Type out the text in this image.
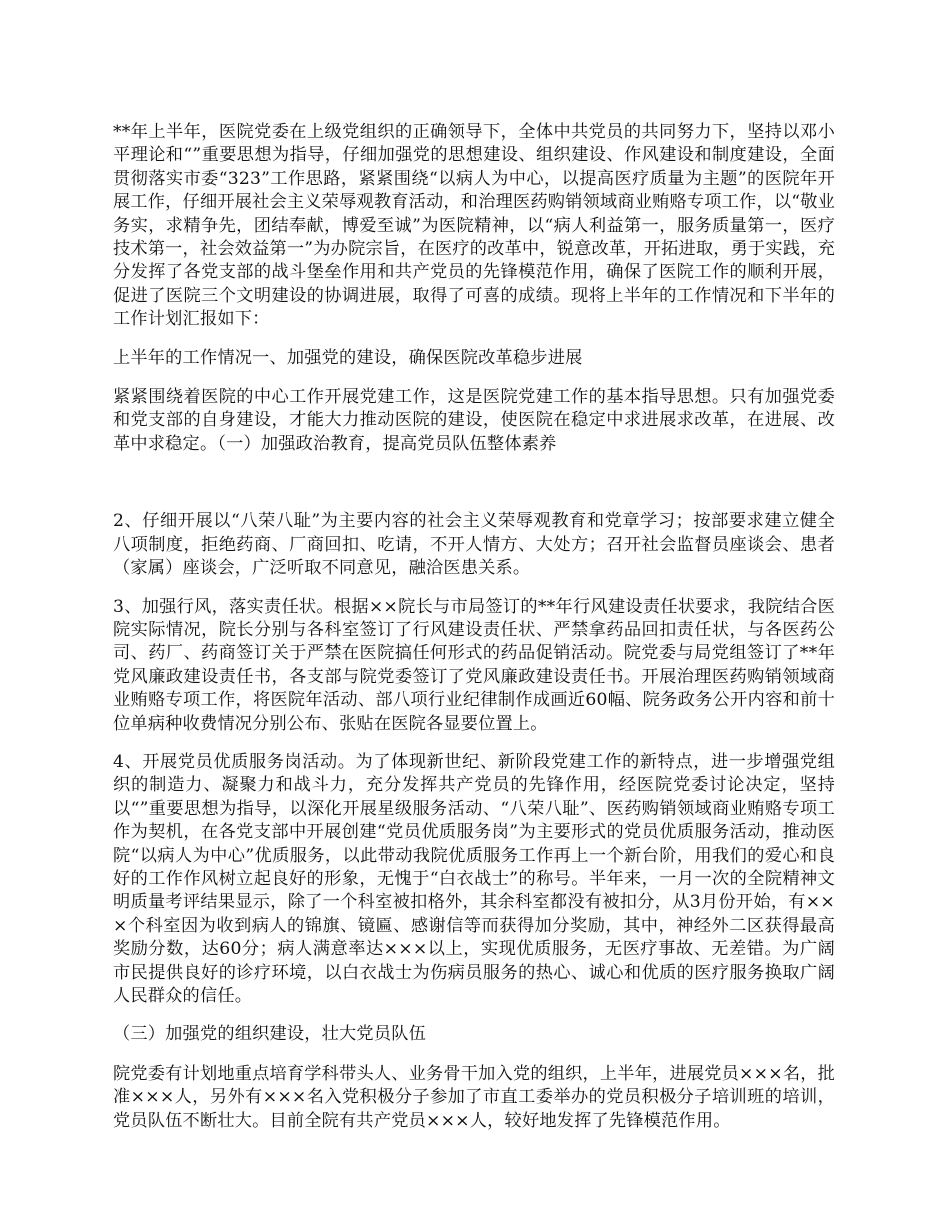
**年上半年，医院党委在上级党组织的正确领导下，全体中共党员的共同努力下，坚持以邓小平理论和“”重要思想为指导，仔细加强党的思想建设、组织建设、作风建设和制度建设，全面贯彻落实市委“323”工作思路，紧紧围绕“以病人为中心，以提高医疗质量为主题”的医院年开展工作，仔细开展社会主义荣辱观教育活动，和治理医药购销领域商业贿赂专项工作，以“敬业务实，求精争先，团结奉献，博爱至诚”为医院精神，以“病人利益第一，服务质量第一，医疗技术第一，社会效益第一”为办院宗旨，在医疗的改革中，锐意改革，开拓进取，勇于实践，充分发挥了各党支部的战斗堡垒作用和共产党员的先锋模范作用，确保了医院工作的顺利开展，促进了医院三个文明建设的协调进展，取得了可喜的成绩。现将上半年的工作情况和下半年的工作计划汇报如下：

上半年的工作情况一、加强党的建设，确保医院改革稳步进展

紧紧围绕着医院的中心工作开展党建工作，这是医院党建工作的基本指导思想。只有加强党委和党支部的自身建设，才能大力推动医院的建设，使医院在稳定中求进展求改革，在进展、改革中求稳定。（一）加强政治教育，提高党员队伍整体素养

2、仔细开展以“八荣八耻”为主要内容的社会主义荣辱观教育和党章学习；按部要求建立健全八项制度，拒绝药商、厂商回扣、吃请，不开人情方、大处方；召开社会监督员座谈会、患者（家属）座谈会，广泛听取不同意见，融洽医患关系。

3、加强行风，落实责任状。根据××院长与市局签订的**年行风建设责任状要求，我院结合医院实际情况，院长分别与各科室签订了行风建设责任状、严禁拿药品回扣责任状，与各医药公司、药厂、药商签订关于严禁在医院搞任何形式的药品促销活动。院党委与局党组签订了**年党风廉政建设责任书，各支部与院党委签订了党风廉政建设责任书。开展治理医药购销领域商业贿赂专项工作，将医院年活动、部八项行业纪律制作成画近60幅、院务政务公开内容和前十位单病种收费情况分别公布、张贴在医院各显要位置上。

4、开展党员优质服务岗活动。为了体现新世纪、新阶段党建工作的新特点，进一步增强党组织的制造力、凝聚力和战斗力，充分发挥共产党员的先锋作用，经医院党委讨论决定，坚持以“”重要思想为指导，以深化开展星级服务活动、“八荣八耻”、医药购销领域商业贿赂专项工作为契机，在各党支部中开展创建“党员优质服务岗”为主要形式的党员优质服务活动，推动医院“以病人为中心”优质服务，以此带动我院优质服务工作再上一个新台阶，用我们的爱心和良好的工作作风树立起良好的形象，无愧于“白衣战士”的称号。半年来，一月一次的全院精神文明质量考评结果显示，除了一个科室被扣格外，其余科室都没有被扣分，从3月份开始，有×××个科室因为收到病人的锦旗、镜匾、感谢信等而获得加分奖励，其中，神经外二区获得最高奖励分数，达60分；病人满意率达×××以上，实现优质服务，无医疗事故、无差错。为广阔市民提供良好的诊疗环境，以白衣战士为伤病员服务的热心、诚心和优质的医疗服务换取广阔人民群众的信任。

（三）加强党的组织建设，壮大党员队伍

院党委有计划地重点培育学科带头人、业务骨干加入党的组织，上半年，进展党员×××名，批准×××人，另外有×××名入党积极分子参加了市直工委举办的党员积极分子培训班的培训，党员队伍不断壮大。目前全院有共产党员×××人，较好地发挥了先锋模范作用。
